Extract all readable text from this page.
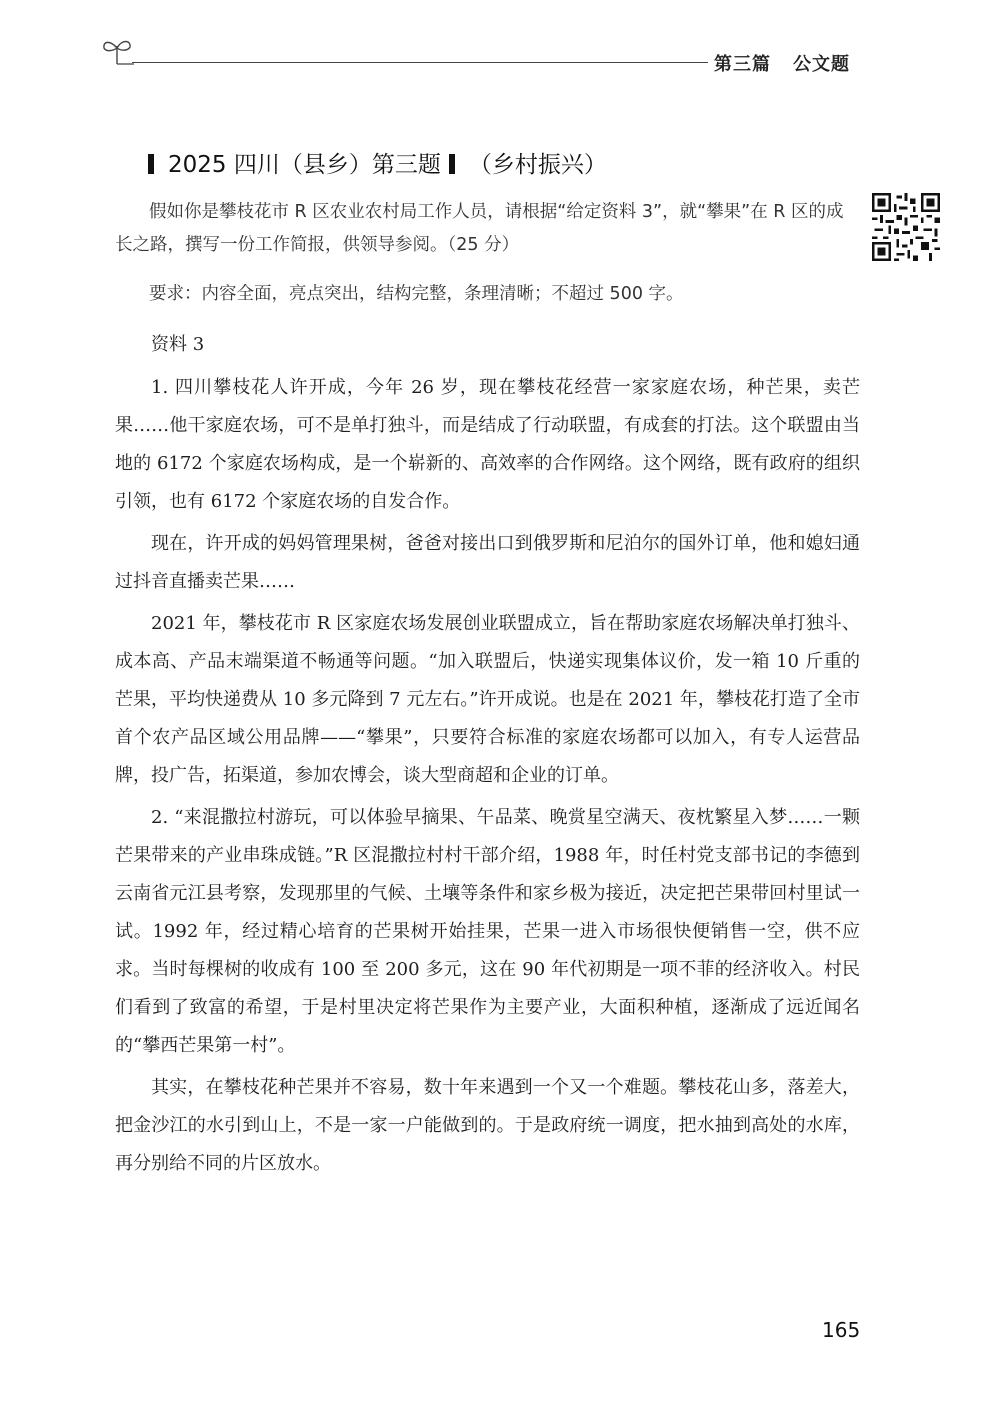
第三篇 公文题
2025 四川（县乡）第三题 （乡村振兴）

假如你是攀枝花市 R 区农业农村局工作人员，请根据“给定资料 3”，就“攀果”在 R 区的成长之路，撰写一份工作简报，供领导参阅。（25 分）

要求：内容全面，亮点突出，结构完整，条理清晰；不超过 500 字。

资料 3

1. 四川攀枝花人许开成，今年 26 岁，现在攀枝花经营一家家庭农场，种芒果，卖芒果……他干家庭农场，可不是单打独斗，而是结成了行动联盟，有成套的打法。这个联盟由当地的 6172 个家庭农场构成，是一个崭新的、高效率的合作网络。这个网络，既有政府的组织引领，也有 6172 个家庭农场的自发合作。

现在，许开成的妈妈管理果树，爸爸对接出口到俄罗斯和尼泊尔的国外订单，他和媳妇通过抖音直播卖芒果……

2021 年，攀枝花市 R 区家庭农场发展创业联盟成立，旨在帮助家庭农场解决单打独斗、成本高、产品末端渠道不畅通等问题。“加入联盟后，快递实现集体议价，发一箱 10 斤重的芒果，平均快递费从 10 多元降到 7 元左右。”许开成说。也是在 2021 年，攀枝花打造了全市首个农产品区域公用品牌——“攀果”，只要符合标准的家庭农场都可以加入，有专人运营品牌，投广告，拓渠道，参加农博会，谈大型商超和企业的订单。

2. “来混撒拉村游玩，可以体验早摘果、午品菜、晚赏星空满天、夜枕繁星入梦……一颗芒果带来的产业串珠成链。”R 区混撒拉村村干部介绍，1988 年，时任村党支部书记的李德到云南省元江县考察，发现那里的气候、土壤等条件和家乡极为接近，决定把芒果带回村里试一试。1992 年，经过精心培育的芒果树开始挂果，芒果一进入市场很快便销售一空，供不应求。当时每棵树的收成有 100 至 200 多元，这在 90 年代初期是一项不菲的经济收入。村民们看到了致富的希望，于是村里决定将芒果作为主要产业，大面积种植，逐渐成了远近闻名的“攀西芒果第一村”。

其实，在攀枝花种芒果并不容易，数十年来遇到一个又一个难题。攀枝花山多，落差大，把金沙江的水引到山上，不是一家一户能做到的。于是政府统一调度，把水抽到高处的水库，再分别给不同的片区放水。

165
